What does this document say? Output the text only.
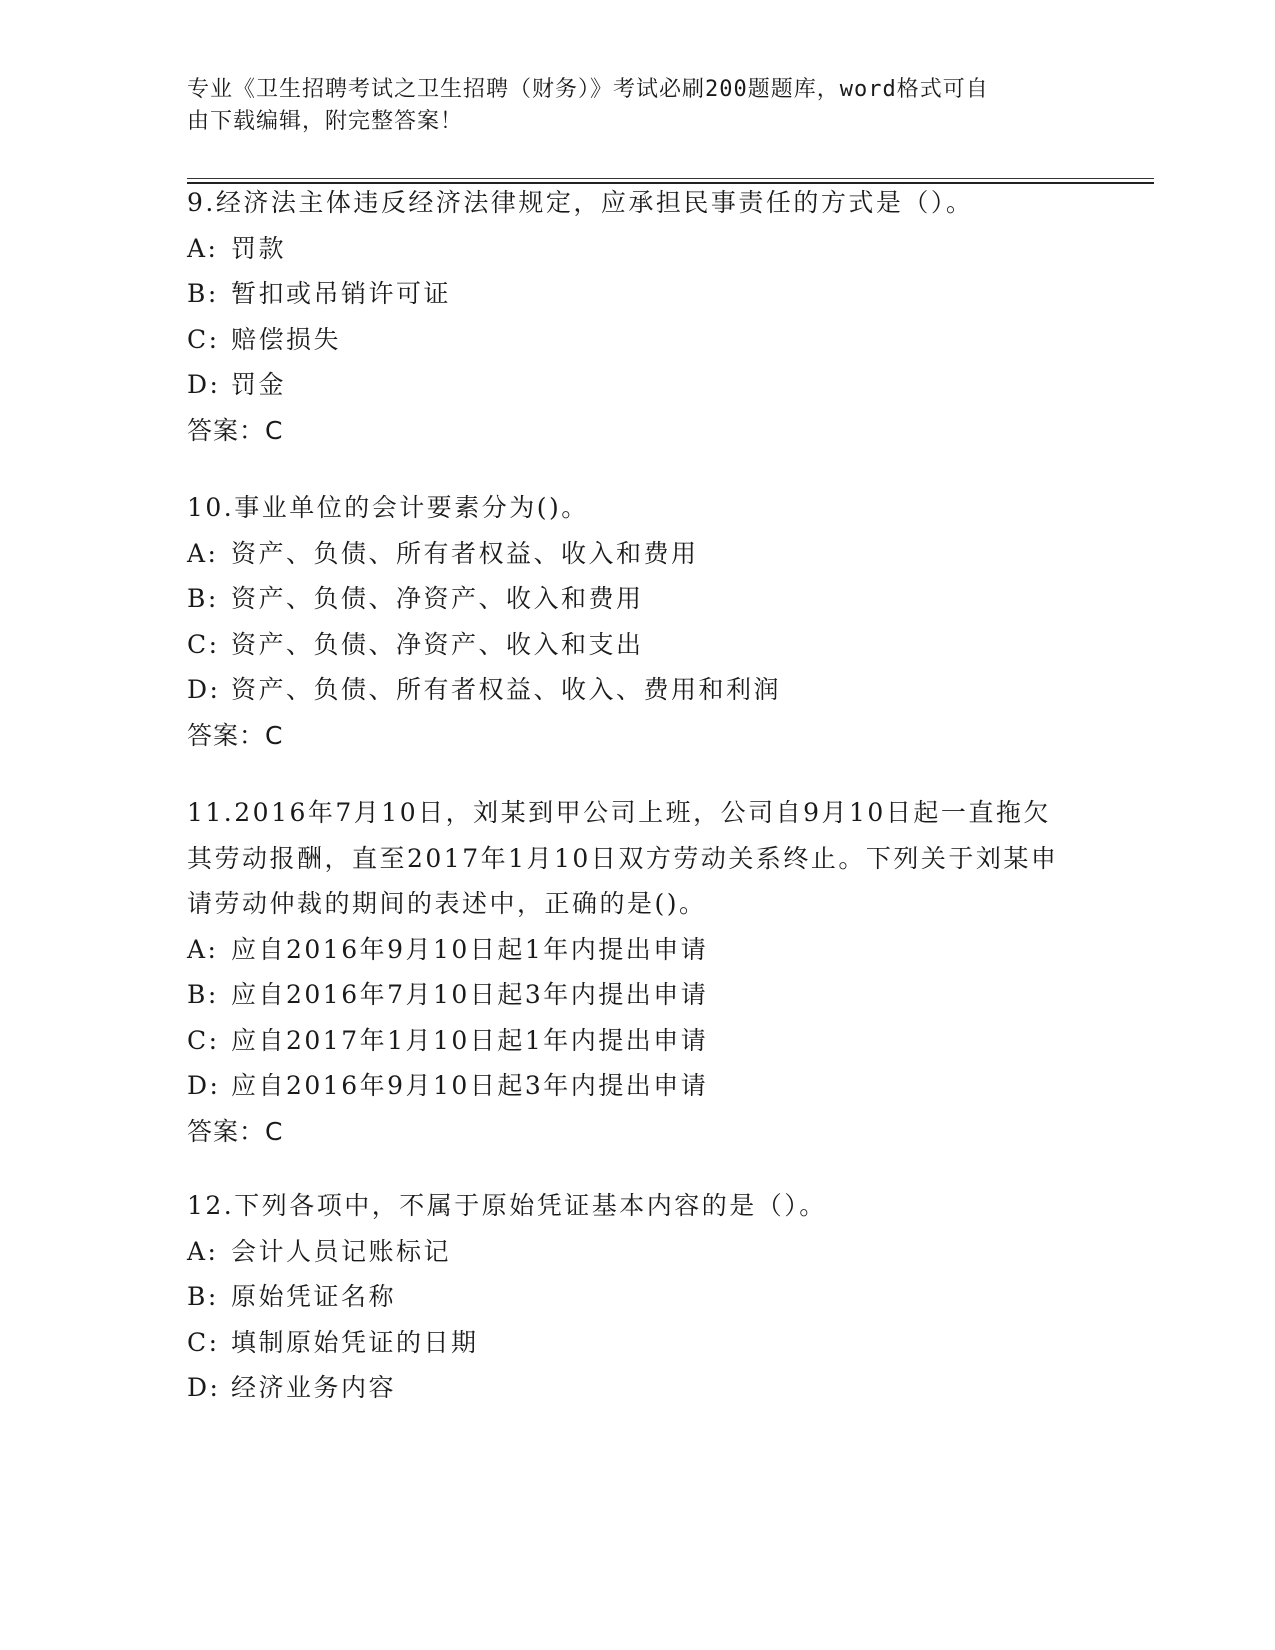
专业《卫生招聘考试之卫生招聘（财务）》考试必刷200题题库，word格式可自
由下载编辑，附完整答案！

9.经济法主体违反经济法律规定，应承担民事责任的方式是（）。

A: 罚款

B: 暂扣或吊销许可证

C: 赔偿损失

D: 罚金

答案：C

10.事业单位的会计要素分为()。

A: 资产、负债、所有者权益、收入和费用

B: 资产、负债、净资产、收入和费用

C: 资产、负债、净资产、收入和支出

D: 资产、负债、所有者权益、收入、费用和利润

答案：C

11.2016年7月10日，刘某到甲公司上班，公司自9月10日起一直拖欠其劳动报酬，直至2017年1月10日双方劳动关系终止。下列关于刘某申请劳动仲裁的期间的表述中，正确的是()。

A: 应自2016年9月10日起1年内提出申请

B: 应自2016年7月10日起3年内提出申请

C: 应自2017年1月10日起1年内提出申请

D: 应自2016年9月10日起3年内提出申请

答案：C

12.下列各项中，不属于原始凭证基本内容的是（）。

A: 会计人员记账标记

B: 原始凭证名称

C: 填制原始凭证的日期

D: 经济业务内容
